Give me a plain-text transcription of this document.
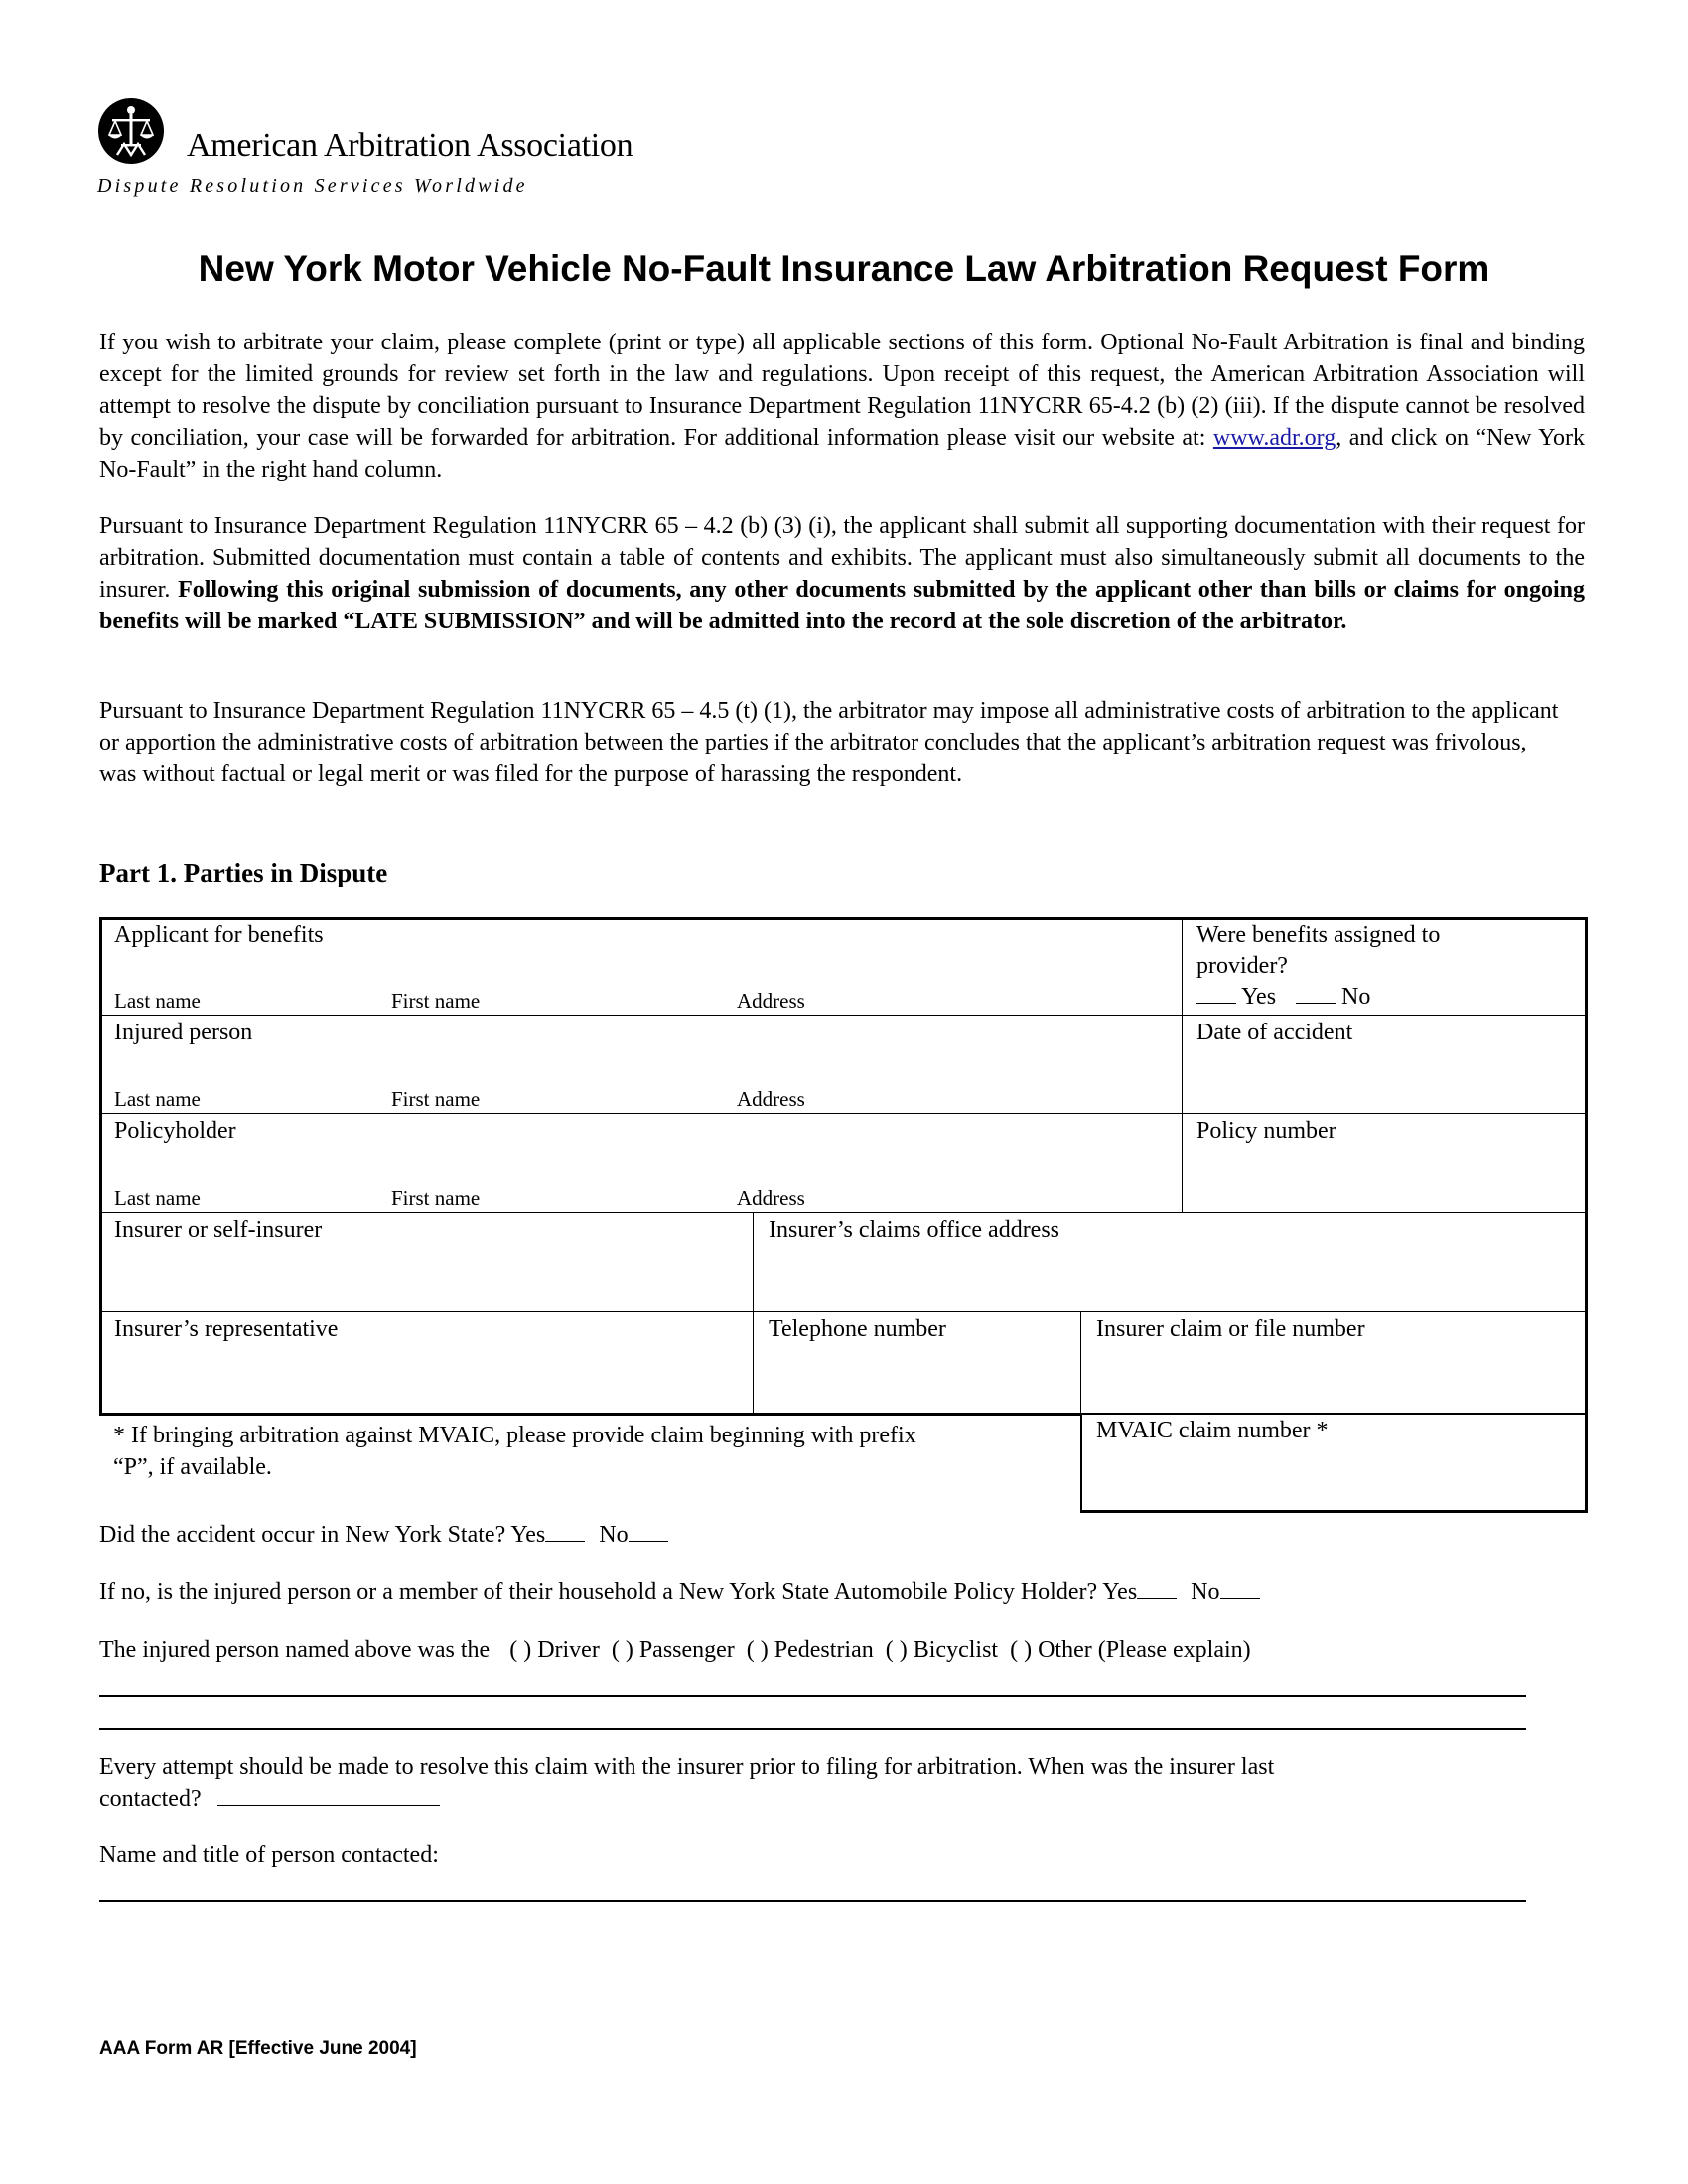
American Arbitration Association
Dispute Resolution Services Worldwide
New York Motor Vehicle No-Fault Insurance Law Arbitration Request Form

If you wish to arbitrate your claim, please complete (print or type) all applicable sections of this form. Optional No-Fault Arbitration is final and binding except for the limited grounds for review set forth in the law and regulations. Upon receipt of this request, the American Arbitration Association will attempt to resolve the dispute by conciliation pursuant to Insurance Department Regulation 11NYCRR 65-4.2 (b) (2) (iii). If the dispute cannot be resolved by conciliation, your case will be forwarded for arbitration. For additional information please visit our website at: www.adr.org, and click on “New York No-Fault” in the right hand column.

Pursuant to Insurance Department Regulation 11NYCRR 65 – 4.2 (b) (3) (i), the applicant shall submit all supporting documentation with their request for arbitration. Submitted documentation must contain a table of contents and exhibits. The applicant must also simultaneously submit all documents to the insurer. Following this original submission of documents, any other documents submitted by the applicant other than bills or claims for ongoing benefits will be marked “LATE SUBMISSION” and will be admitted into the record at the sole discretion of the arbitrator.

Pursuant to Insurance Department Regulation 11NYCRR 65 – 4.5 (t) (1), the arbitrator may impose all administrative costs of arbitration to the applicant or apportion the administrative costs of arbitration between the parties if the arbitrator concludes that the applicant’s arbitration request was frivolous, was without factual or legal merit or was filed for the purpose of harassing the respondent.

Part 1. Parties in Dispute
Applicant for benefits
Last name	First name	Address
Were benefits assigned to
provider?
Yes	No
Injured person
Last name	First name	Address
Date of accident
Policyholder
Last name	First name	Address
Policy number
Insurer or self-insurer	Insurer’s claims office address
Insurer’s representative	Telephone number	Insurer claim or file number
* If bringing arbitration against MVAIC, please provide claim beginning with prefix
“P”, if available.
MVAIC claim number *
Did the accident occur in New York State? Yes No
If no, is the injured person or a member of their household a New York State Automobile Policy Holder? Yes No
The injured person named above was the ( ) Driver ( ) Passenger ( ) Pedestrian ( ) Bicyclist ( ) Other (Please explain)
Every attempt should be made to resolve this claim with the insurer prior to filing for arbitration. When was the insurer last
contacted?
Name and title of person contacted:
AAA Form AR [Effective June 2004]
